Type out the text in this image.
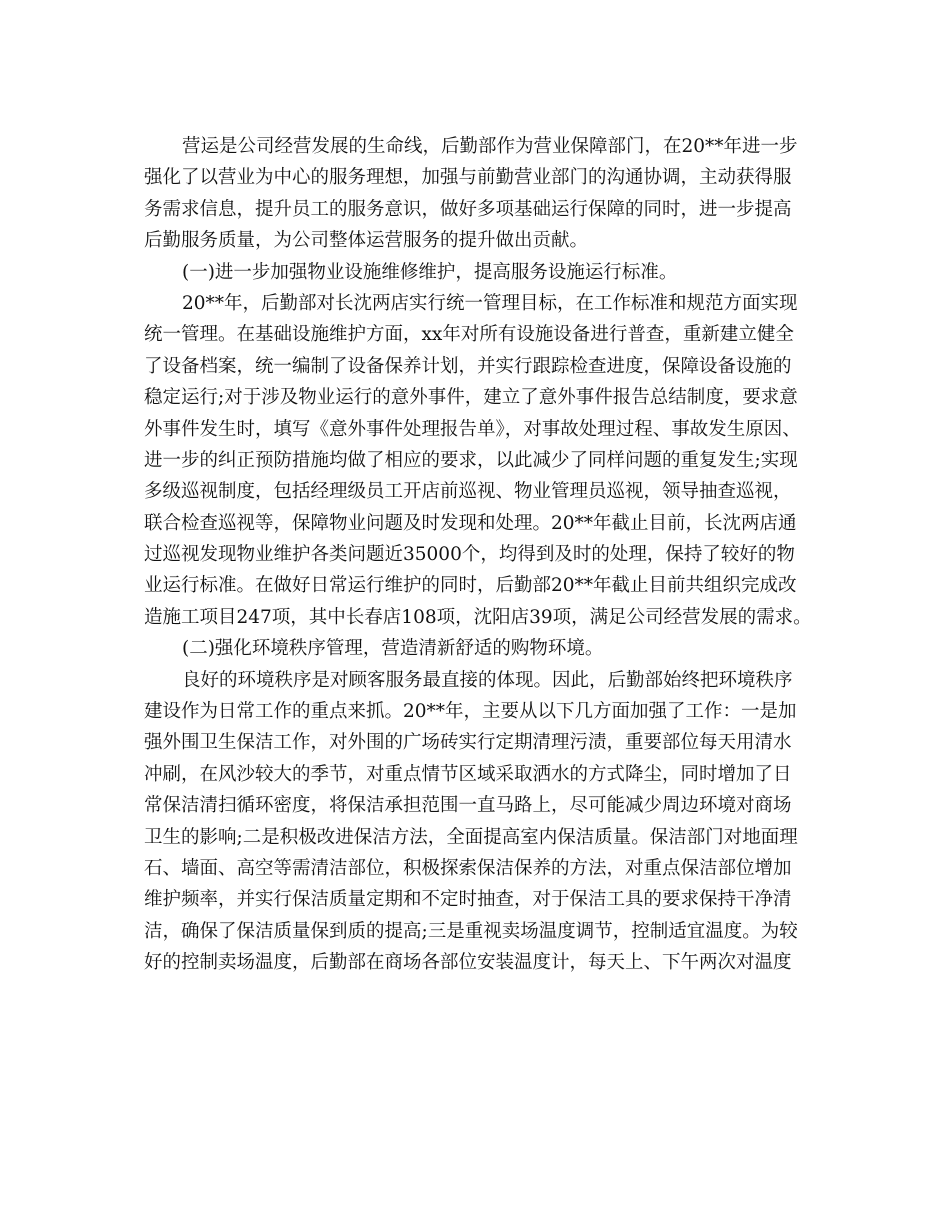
营运是公司经营发展的生命线，后勤部作为营业保障部门，在20**年进一步
强化了以营业为中心的服务理想，加强与前勤营业部门的沟通协调，主动获得服
务需求信息，提升员工的服务意识，做好多项基础运行保障的同时，进一步提高
后勤服务质量，为公司整体运营服务的提升做出贡献。
(一)进一步加强物业设施维修维护，提高服务设施运行标准。
20**年，后勤部对长沈两店实行统一管理目标，在工作标准和规范方面实现
统一管理。在基础设施维护方面，xx年对所有设施设备进行普查，重新建立健全
了设备档案，统一编制了设备保养计划，并实行跟踪检查进度，保障设备设施的
稳定运行;对于涉及物业运行的意外事件，建立了意外事件报告总结制度，要求意
外事件发生时，填写《意外事件处理报告单》，对事故处理过程、事故发生原因、
进一步的纠正预防措施均做了相应的要求，以此减少了同样问题的重复发生;实现
多级巡视制度，包括经理级员工开店前巡视、物业管理员巡视，领导抽查巡视，
联合检查巡视等，保障物业问题及时发现和处理。20**年截止目前，长沈两店通
过巡视发现物业维护各类问题近35000个，均得到及时的处理，保持了较好的物
业运行标准。在做好日常运行维护的同时，后勤部20**年截止目前共组织完成改
造施工项目247项，其中长春店108项，沈阳店39项，满足公司经营发展的需求。
(二)强化环境秩序管理，营造清新舒适的购物环境。
良好的环境秩序是对顾客服务最直接的体现。因此，后勤部始终把环境秩序
建设作为日常工作的重点来抓。20**年，主要从以下几方面加强了工作：一是加
强外围卫生保洁工作，对外围的广场砖实行定期清理污渍，重要部位每天用清水
冲刷，在风沙较大的季节，对重点情节区域采取洒水的方式降尘，同时增加了日
常保洁清扫循环密度，将保洁承担范围一直马路上，尽可能减少周边环境对商场
卫生的影响;二是积极改进保洁方法，全面提高室内保洁质量。保洁部门对地面理
石、墙面、高空等需清洁部位，积极探索保洁保养的方法，对重点保洁部位增加
维护频率，并实行保洁质量定期和不定时抽查，对于保洁工具的要求保持干净清
洁，确保了保洁质量保到质的提高;三是重视卖场温度调节，控制适宜温度。为较
好的控制卖场温度，后勤部在商场各部位安装温度计，每天上、下午两次对温度
